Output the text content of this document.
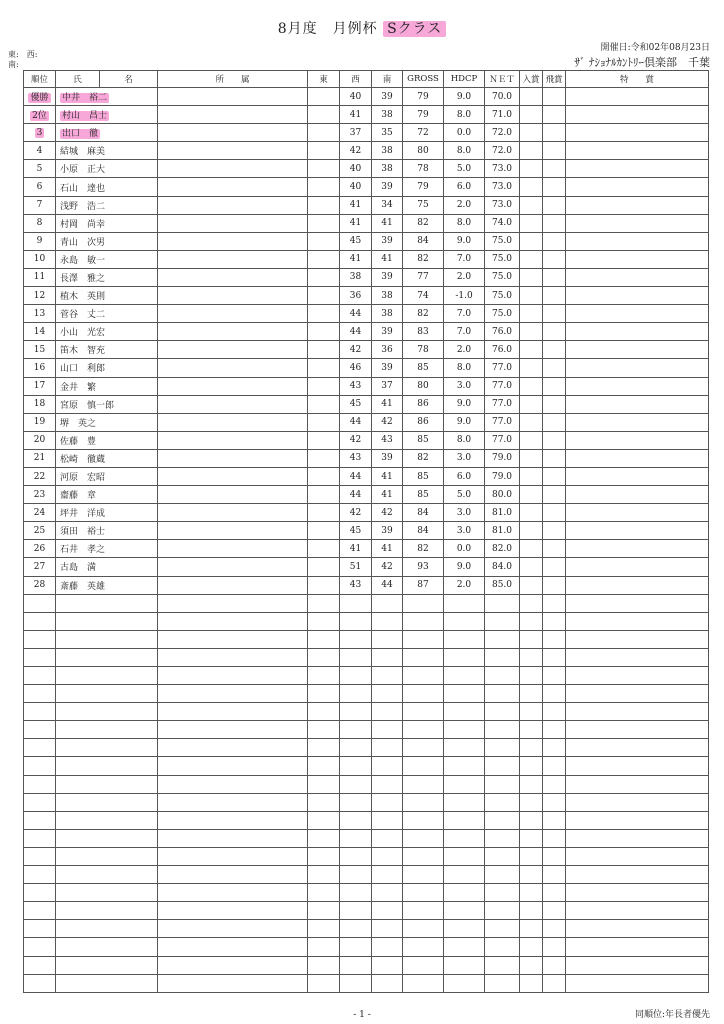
8月度　月例杯 Sクラス
東:　西:
南:
開催日:令和02年08月23日
ｻﾞ ﾅｼｮﾅﾙｶﾝﾄﾘｰ倶楽部　千葉
順位	氏	名	所　　属	東	西	南	GROSS	HDCP	ＮＥＴ	入賞	飛賞	特　　賞
優勝	中井　裕二				40	39	79	9.0	70.0			
2位	村山　昌士				41	38	79	8.0	71.0			
3	出口　徹				37	35	72	0.0	72.0			
4	結城　麻美				42	38	80	8.0	72.0			
5	小原　正大				40	38	78	5.0	73.0			
6	石山　達也				40	39	79	6.0	73.0			
7	浅野　浩二				41	34	75	2.0	73.0			
8	村岡　尚幸				41	41	82	8.0	74.0			
9	青山　次男				45	39	84	9.0	75.0			
10	永島　敏一				41	41	82	7.0	75.0			
11	長澤　雅之				38	39	77	2.0	75.0			
12	植木　英則				36	38	74	-1.0	75.0			
13	菅谷　丈二				44	38	82	7.0	75.0			
14	小山　光宏				44	39	83	7.0	76.0			
15	笛木　智充				42	36	78	2.0	76.0			
16	山口　利郎				46	39	85	8.0	77.0			
17	金井　繁				43	37	80	3.0	77.0			
18	宮原　慎一郎				45	41	86	9.0	77.0			
19	堺　英之				44	42	86	9.0	77.0			
20	佐藤　豊				42	43	85	8.0	77.0			
21	松崎　徹蔵				43	39	82	3.0	79.0			
22	河原　宏昭				44	41	85	6.0	79.0			
23	齋藤　章				44	41	85	5.0	80.0			
24	坪井　洋成				42	42	84	3.0	81.0			
25	須田　裕士				45	39	84	3.0	81.0			
26	石井　孝之				41	41	82	0.0	82.0			
27	古島　満				51	42	93	9.0	84.0			
28	斎藤　英雄				43	44	87	2.0	85.0			

- 1 -	同順位:年長者優先
